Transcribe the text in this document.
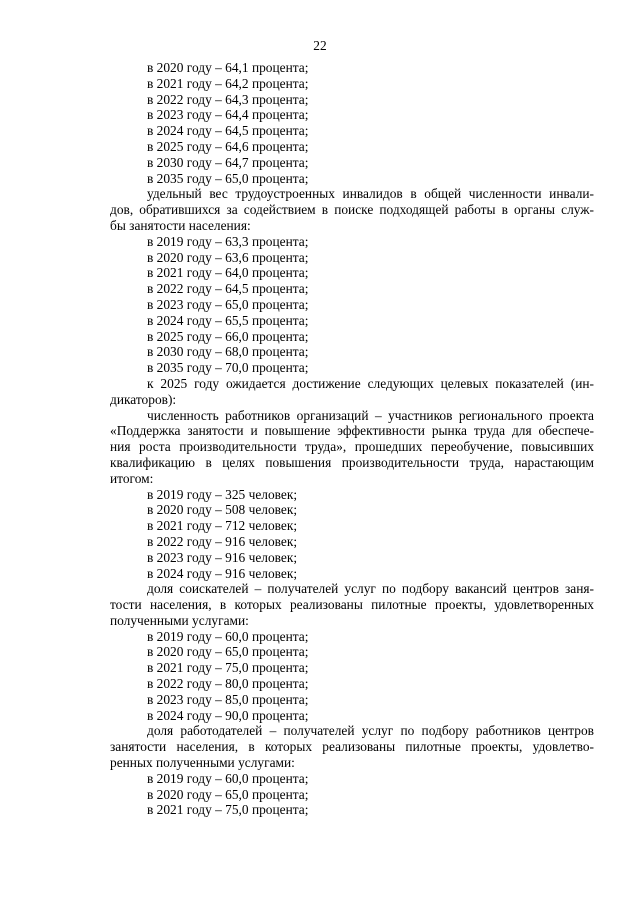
22
в 2020 году – 64,1 процента;
в 2021 году – 64,2 процента;
в 2022 году – 64,3 процента;
в 2023 году – 64,4 процента;
в 2024 году – 64,5 процента;
в 2025 году – 64,6 процента;
в 2030 году – 64,7 процента;
в 2035 году – 65,0 процента;
удельный вес трудоустроенных инвалидов в общей численности инвали-
дов, обратившихся за содействием в поиске подходящей работы в органы служ-
бы занятости населения:
в 2019 году – 63,3 процента;
в 2020 году – 63,6 процента;
в 2021 году – 64,0 процента;
в 2022 году – 64,5 процента;
в 2023 году – 65,0 процента;
в 2024 году – 65,5 процента;
в 2025 году – 66,0 процента;
в 2030 году – 68,0 процента;
в 2035 году – 70,0 процента;
к 2025 году ожидается достижение следующих целевых показателей (ин-
дикаторов):
численность работников организаций – участников регионального проекта
«Поддержка занятости и повышение эффективности рынка труда для обеспече-
ния роста производительности труда», прошедших переобучение, повысивших
квалификацию в целях повышения производительности труда, нарастающим
итогом:
в 2019 году – 325 человек;
в 2020 году – 508 человек;
в 2021 году – 712 человек;
в 2022 году – 916 человек;
в 2023 году – 916 человек;
в 2024 году – 916 человек;
доля соискателей – получателей услуг по подбору вакансий центров заня-
тости населения, в которых реализованы пилотные проекты, удовлетворенных
полученными услугами:
в 2019 году – 60,0 процента;
в 2020 году – 65,0 процента;
в 2021 году – 75,0 процента;
в 2022 году – 80,0 процента;
в 2023 году – 85,0 процента;
в 2024 году – 90,0 процента;
доля работодателей – получателей услуг по подбору работников центров
занятости населения, в которых реализованы пилотные проекты, удовлетво-
ренных полученными услугами:
в 2019 году – 60,0 процента;
в 2020 году – 65,0 процента;
в 2021 году – 75,0 процента;
